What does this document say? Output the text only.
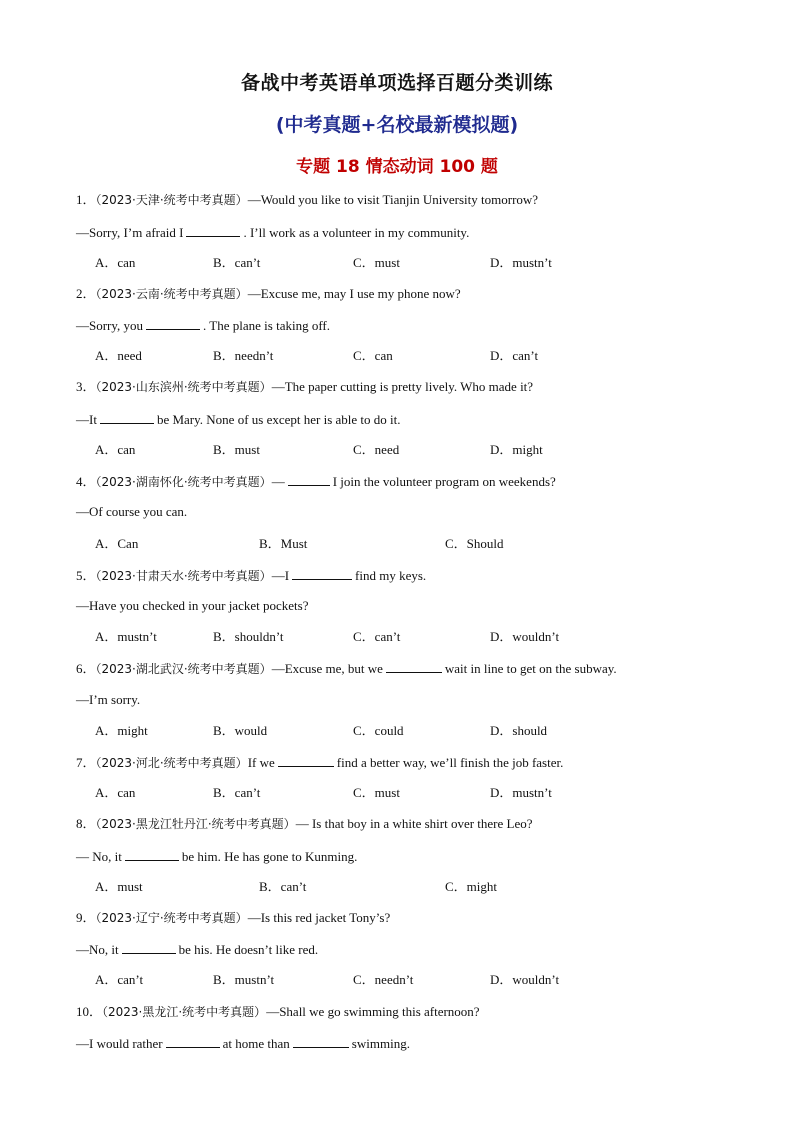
备战中考英语单项选择百题分类训练
(中考真题+名校最新模拟题)
专题 18 情态动词 100 题
1．（2023·天津·统考中考真题）—Would you like to visit Tianjin University tomorrow?
—Sorry, I’m afraid I	. I’ll work as a volunteer in my community.
A．can	B．can’t	C．must	D．mustn’t
2．（2023·云南·统考中考真题）—Excuse me, may I use my phone now?
—Sorry, you	. The plane is taking off.
A．need	B．needn’t	C．can	D．can’t
3．（2023·山东滨州·统考中考真题）—The paper cutting is pretty lively. Who made it?
—It	be Mary. None of us except her is able to do it.
A．can	B．must	C．need	D．might
4．（2023·湖南怀化·统考中考真题）—	I join the volunteer program on weekends?
—Of course you can.
A．Can	B．Must	C．Should
5．（2023·甘肃天水·统考中考真题）—I	find my keys.
—Have you checked in your jacket pockets?
A．mustn’t	B．shouldn’t	C．can’t	D．wouldn’t
6．（2023·湖北武汉·统考中考真题）—Excuse me, but we	wait in line to get on the subway.
—I’m sorry.
A．might	B．would	C．could	D．should
7．（2023·河北·统考中考真题）If we	find a better way, we’ll finish the job faster.
A．can	B．can’t	C．must	D．mustn’t
8．（2023·黑龙江牡丹江·统考中考真题）— Is that boy in a white shirt over there Leo?
— No, it	be him. He has gone to Kunming.
A．must	B．can’t	C．might
9．（2023·辽宁·统考中考真题）—Is this red jacket Tony’s?
—No, it	be his. He doesn’t like red.
A．can’t	B．mustn’t	C．needn’t	D．wouldn’t
10．（2023·黑龙江·统考中考真题）—Shall we go swimming this afternoon?
—I would rather	at home than	swimming.
